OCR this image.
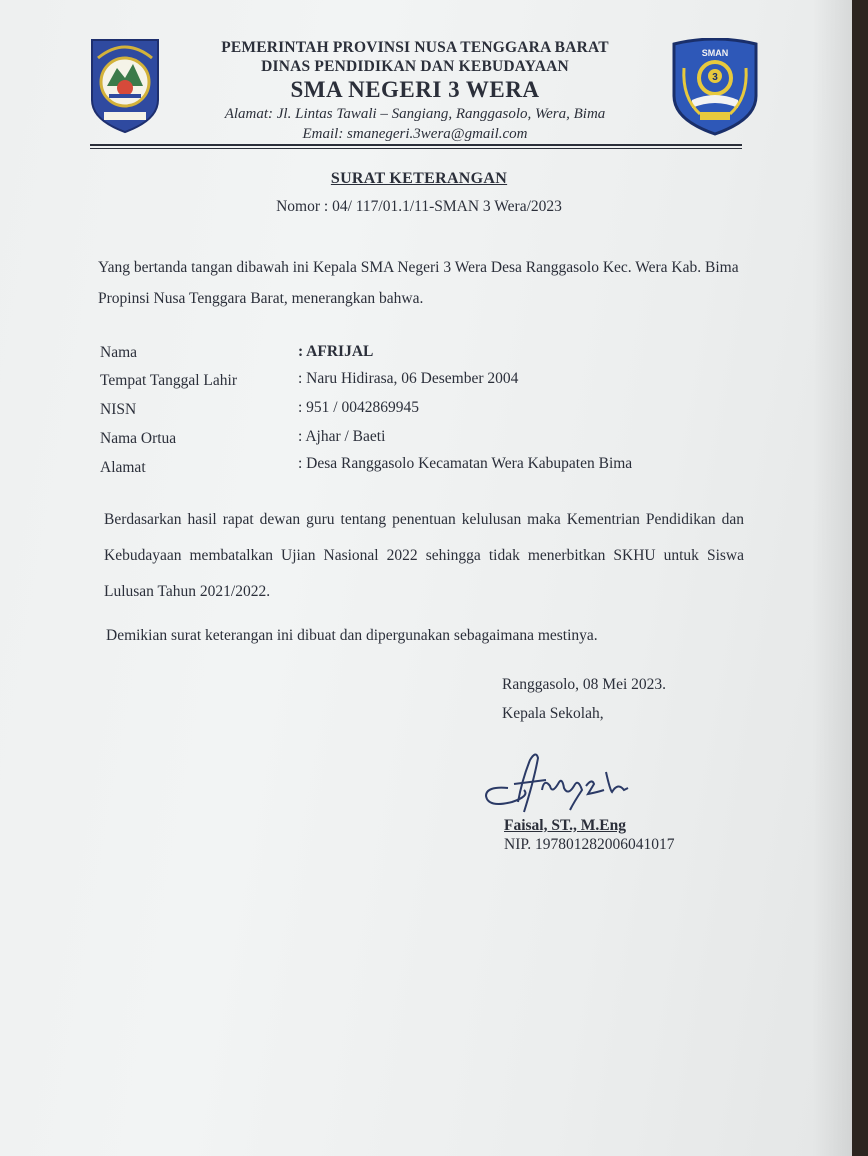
PEMERINTAH PROVINSI NUSA TENGGARA BARAT
DINAS PENDIDIKAN DAN KEBUDAYAAN
SMA NEGERI 3 WERA
Alamat: Jl. Lintas Tawali – Sangiang, Ranggasolo, Wera, Bima
Email: smanegeri.3wera@gmail.com
SMAN
3
SURAT KETERANGAN
Nomor : 04/ 117/01.1/11-SMAN 3 Wera/2023
Yang bertanda tangan dibawah ini Kepala SMA Negeri 3 Wera Desa Ranggasolo Kec. Wera Kab. Bima Propinsi Nusa Tenggara Barat, menerangkan bahwa.
Nama	: AFRIJAL
Tempat Tanggal Lahir	: Naru Hidirasa, 06 Desember 2004
NISN	: 951 / 0042869945
Nama Ortua	: Ajhar / Baeti
Alamat	: Desa Ranggasolo Kecamatan Wera Kabupaten Bima
Berdasarkan hasil rapat dewan guru tentang penentuan kelulusan maka Kementrian Pendidikan dan Kebudayaan membatalkan Ujian Nasional 2022 sehingga tidak menerbitkan SKHU untuk Siswa Lulusan Tahun 2021/2022.
Demikian surat keterangan ini dibuat dan dipergunakan sebagaimana mestinya.
Ranggasolo, 08 Mei 2023.
Kepala Sekolah,
Faisal, ST., M.Eng
NIP. 197801282006041017
